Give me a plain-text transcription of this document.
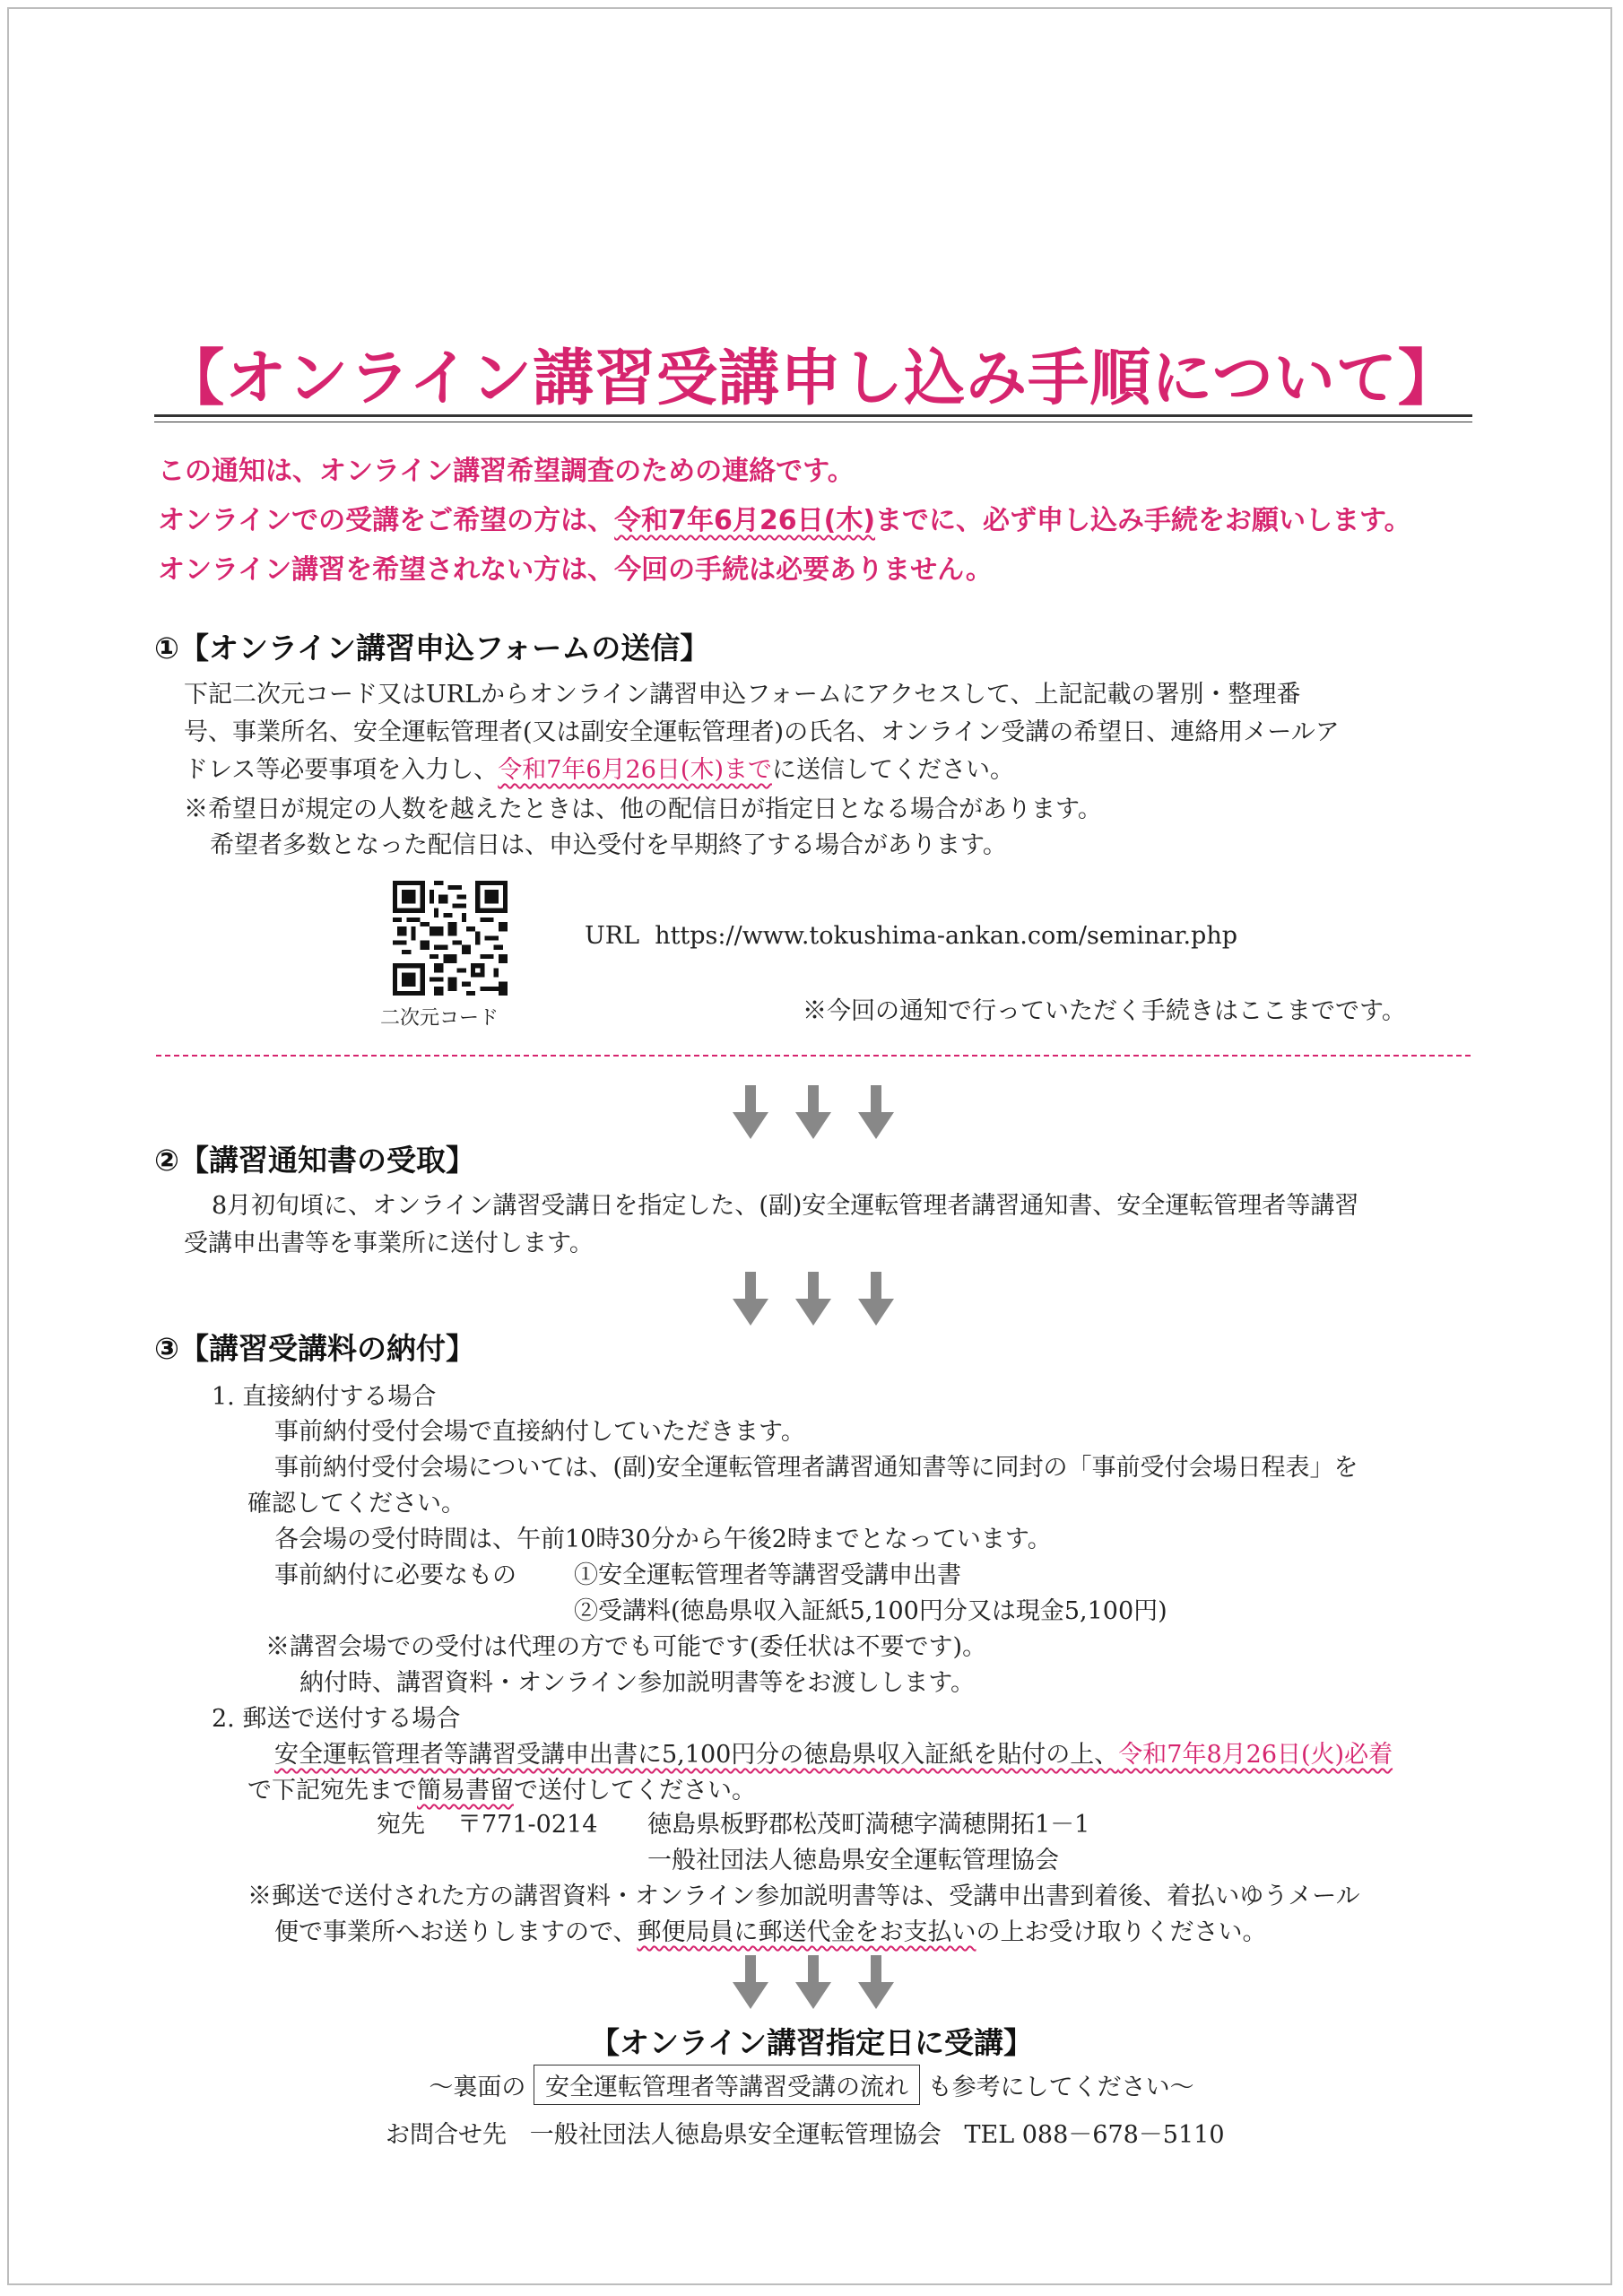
【オンライン講習受講申し込み手順について】
この通知は、オンライン講習希望調査のための連絡です。
オンラインでの受講をご希望の方は、令和7年6月26日(木)までに、必ず申し込み手続をお願いします。
オンライン講習を希望されない方は、今回の手続は必要ありません。
①【オンライン講習申込フォームの送信】
下記二次元コード又はURLからオンライン講習申込フォームにアクセスして、上記記載の署別・整理番
号、事業所名、安全運転管理者(又は副安全運転管理者)の氏名、オンライン受講の希望日、連絡用メールア
ドレス等必要事項を入力し、令和7年6月26日(木)までに送信してください。
※希望日が規定の人数を越えたときは、他の配信日が指定日となる場合があります。
希望者多数となった配信日は、申込受付を早期終了する場合があります。
二次元コード
URL https://www.tokushima-ankan.com/seminar.php
※今回の通知で行っていただく手続きはここまでです。
②【講習通知書の受取】
8月初旬頃に、オンライン講習受講日を指定した、(副)安全運転管理者講習通知書、安全運転管理者等講習
受講申出書等を事業所に送付します。
③【講習受講料の納付】
1. 直接納付する場合
事前納付受付会場で直接納付していただきます。
事前納付受付会場については、(副)安全運転管理者講習通知書等に同封の「事前受付会場日程表」を
確認してください。
各会場の受付時間は、午前10時30分から午後2時までとなっています。
事前納付に必要なもの ①安全運転管理者等講習受講申出書
②受講料(徳島県収入証紙5,100円分又は現金5,100円)
※講習会場での受付は代理の方でも可能です(委任状は不要です)。
納付時、講習資料・オンライン参加説明書等をお渡しします。
2. 郵送で送付する場合
安全運転管理者等講習受講申出書に5,100円分の徳島県収入証紙を貼付の上、令和7年8月26日(火)必着
で下記宛先まで簡易書留で送付してください。
宛先 〒771-0214 徳島県板野郡松茂町満穂字満穂開拓1－1
一般社団法人徳島県安全運転管理協会
※郵送で送付された方の講習資料・オンライン参加説明書等は、受講申出書到着後、着払いゆうメール
便で事業所へお送りしますので、郵便局員に郵送代金をお支払いの上お受け取りください。
【オンライン講習指定日に受講】
～裏面の 安全運転管理者等講習受講の流れ も参考にしてください～
お問合せ先 一般社団法人徳島県安全運転管理協会 TEL 088－678－5110
